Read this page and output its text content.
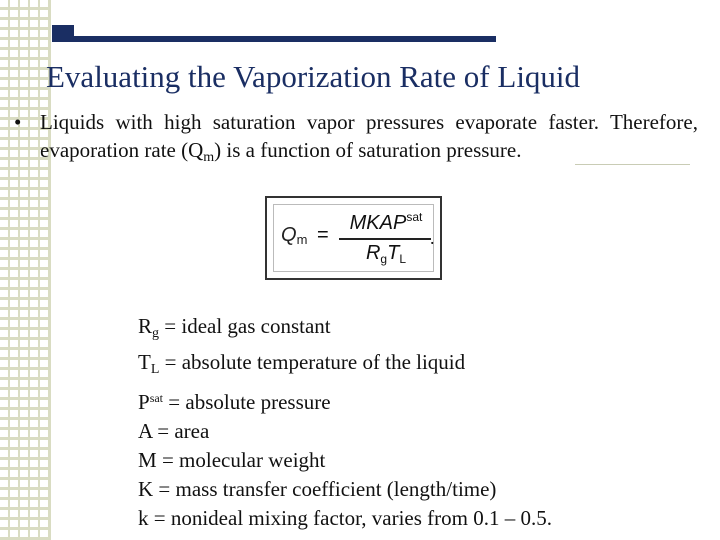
Evaluating the Vaporization Rate of Liquid
• Liquids with high saturation vapor pressures evaporate faster. Therefore, evaporation rate $(Q_m)$ is a function of saturation pressure.
Qm =
$MKAP^{sat}$
$R_gT_L$
.
Rg = ideal gas constant
TL = absolute temperature of the liquid
$P^{sat}$ = absolute pressure
A = area
M = molecular weight
K = mass transfer coefficient (length/time)
k = nonideal mixing factor, varies from 0.1 – 0.5.
